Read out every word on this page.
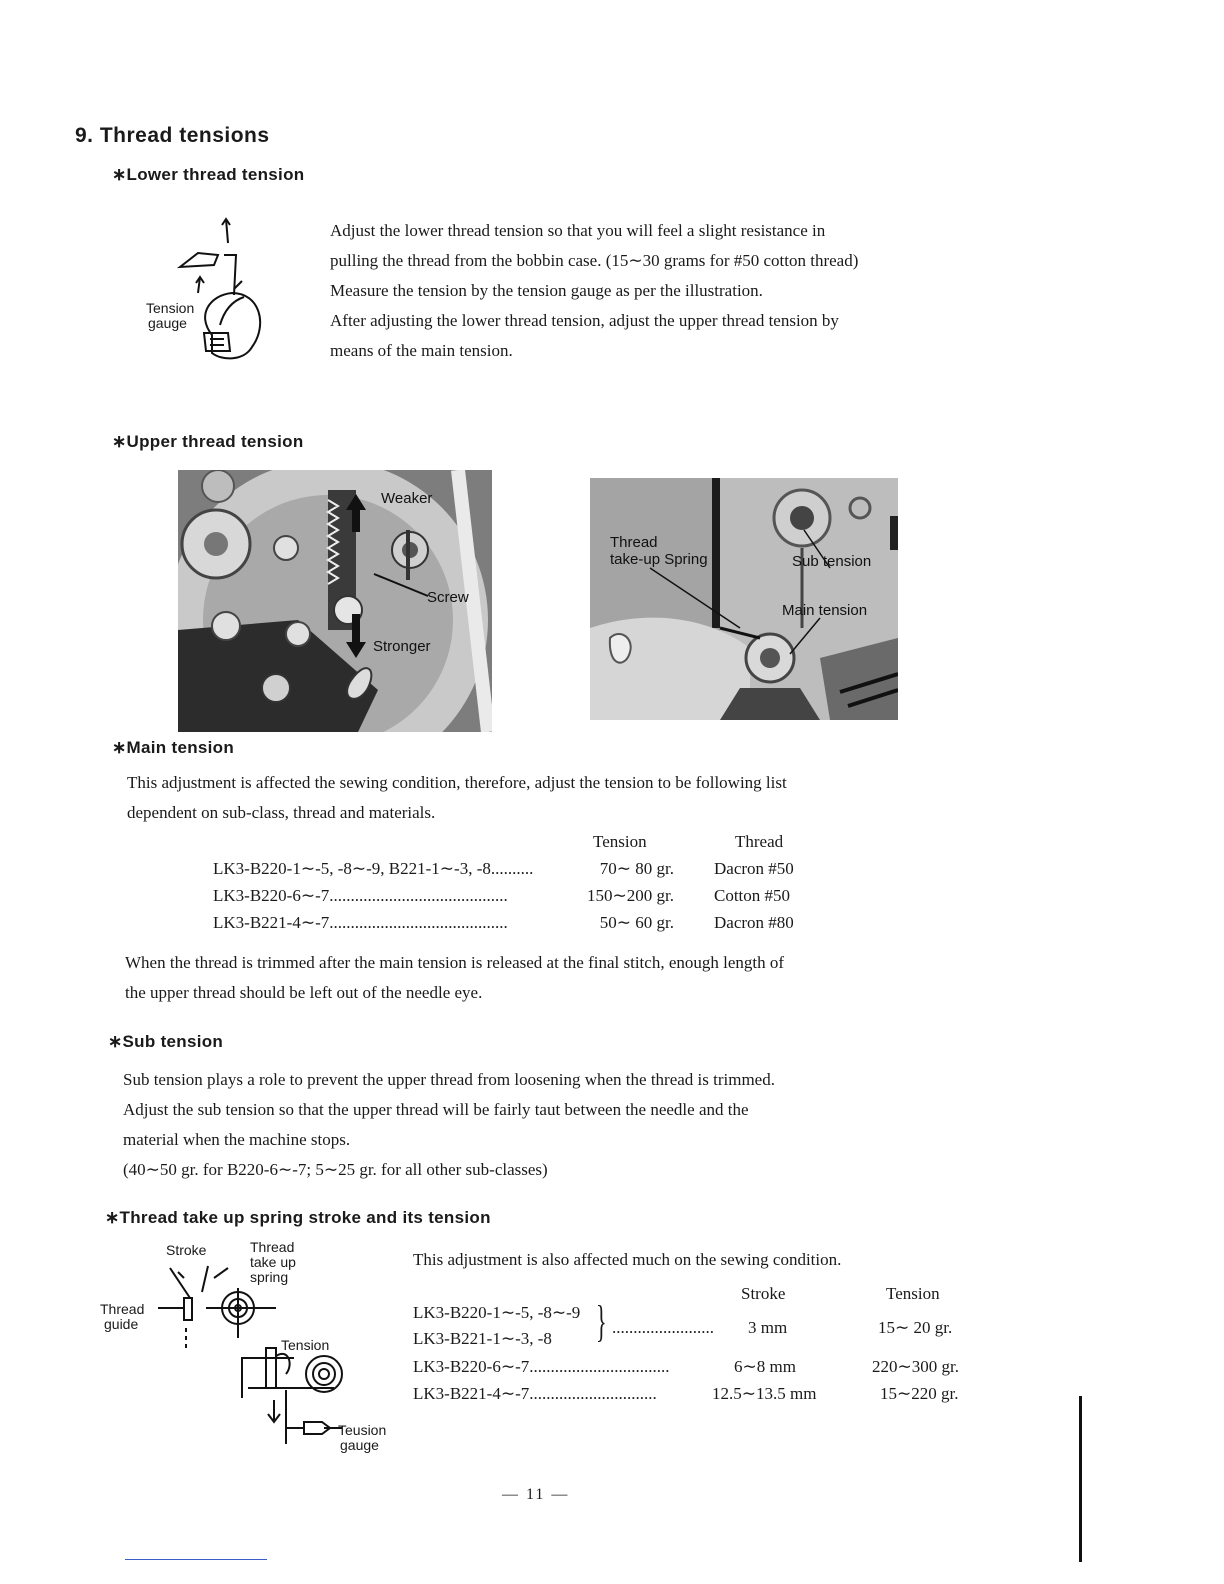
9. Thread tensions
∗Lower thread tension
Tension
gauge
Adjust the lower thread tension so that you will feel a slight resistance in
pulling the thread from the bobbin case. (15∼30 grams for #50 cotton thread)
Measure the tension by the tension gauge as per the illustration.
After adjusting the lower thread tension, adjust the upper thread tension by
means of the main tension.
∗Upper thread tension
Weaker
Screw
Stronger
Thread
take-up Spring	Sub tension
Main tension
∗Main tension
This adjustment is affected the sewing condition, therefore, adjust the tension to be following list
dependent on sub-class, thread and materials.
Tension	Thread
LK3-B220-1∼-5, -8∼-9, B221-1∼-3, -8..........	70∼ 80 gr. Dacron #50
LK3-B220-6∼-7..........................................	150∼200 gr. Cotton #50
LK3-B221-4∼-7..........................................	50∼ 60 gr. Dacron #80
When the thread is trimmed after the main tension is released at the final stitch, enough length of
the upper thread should be left out of the needle eye.
∗Sub tension
Sub tension plays a role to prevent the upper thread from loosening when the thread is trimmed.
Adjust the sub tension so that the upper thread will be fairly taut between the needle and the
material when the machine stops.
(40∼50 gr. for B220-6∼-7; 5∼25 gr. for all other sub-classes)
∗Thread take up spring stroke and its tension
Stroke	Thread
take up
spring
Thread
guide
Tension
Teusion
gauge
This adjustment is also affected much on the sewing condition.
Stroke	Tension
LK3-B220-1∼-5, -8∼-9
LK3-B221-1∼-3, -8 } ........................ 3 mm	15∼ 20 gr.
LK3-B220-6∼-7.................................	6∼8 mm	220∼300 gr.
LK3-B221-4∼-7..............................	12.5∼13.5 mm	15∼220 gr.
— 11 —
